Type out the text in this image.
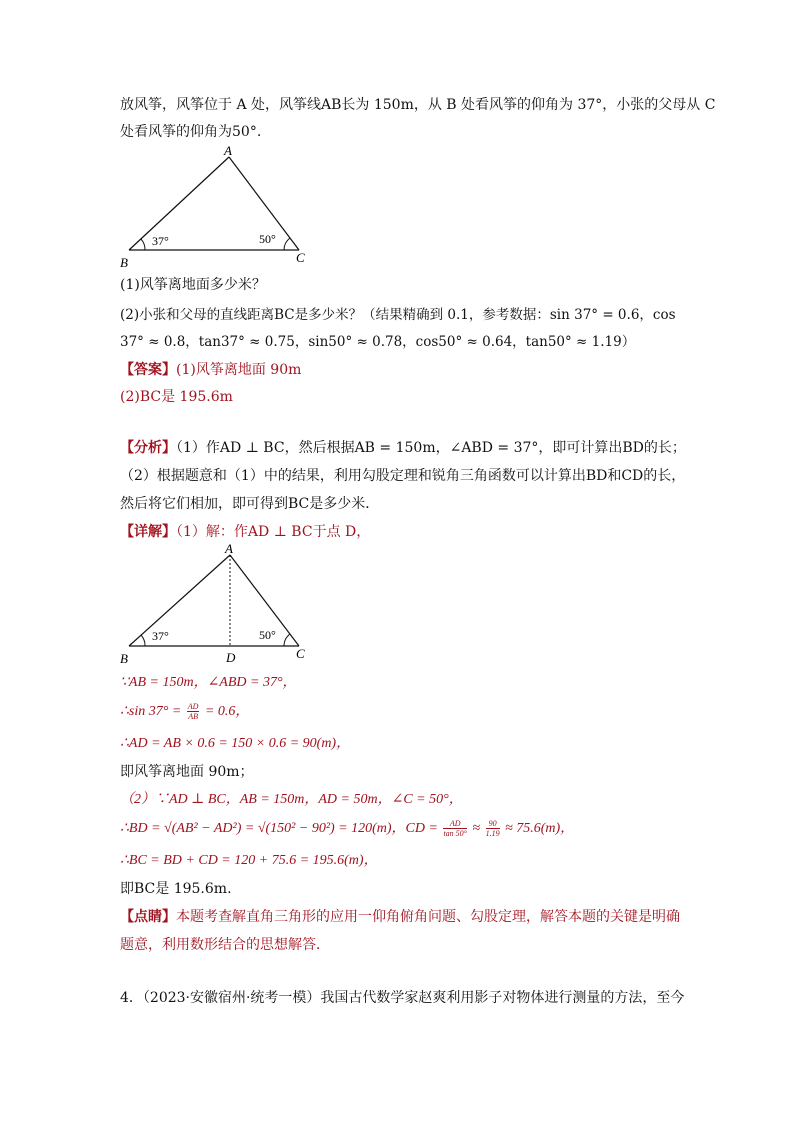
放风筝，风筝位于 A 处，风筝线AB长为 150m，从 B 处看风筝的仰角为 37°，小张的父母从 C
处看风筝的仰角为50°.
A
B	C
37°	50°
(1)风筝离地面多少米？
(2)小张和父母的直线距离BC是多少米？（结果精确到 0.1，参考数据：sin 37° = 0.6，cos
37° ≈ 0.8，tan37° ≈ 0.75，sin50° ≈ 0.78，cos50° ≈ 0.64，tan50° ≈ 1.19）
【答案】(1)风筝离地面 90m
(2)BC是 195.6m
【分析】（1）作AD ⊥ BC，然后根据AB = 150m，∠ABD = 37°，即可计算出BD的长；
（2）根据题意和（1）中的结果，利用勾股定理和锐角三角函数可以计算出BD和CD的长，
然后将它们相加，即可得到BC是多少米．
【详解】（1）解：作AD ⊥ BC于点 D，
A
B	D	C
37°	50°
∵AB = 150m，∠ABD = 37°，
∴sin $37^\circ = \frac{AD}{AB} = 0.6$，
∴AD = AB × 0.6 = 150 × 0.6 = 90(m)，
即风筝离地面 90m；
（2）∵AD ⊥ BC，AB = 150m，AD = 50m，∠C = 50°，
∴BD = √(AB² − AD²) = √(150² − 90²) = 120(m)，CD = $\frac{AD}{\tan 50^\circ} \approx \frac{90}{1.19} \approx 75.6(m)$，
∴BC = BD + CD = 120 + 75.6 = 195.6(m)，
即BC是 195.6m.
【点睛】本题考查解直角三角形的应用一仰角俯角问题、勾股定理，解答本题的关键是明确
题意，利用数形结合的思想解答．
4．（2023·安徽宿州·统考一模）我国古代数学家赵爽利用影子对物体进行测量的方法，至今
